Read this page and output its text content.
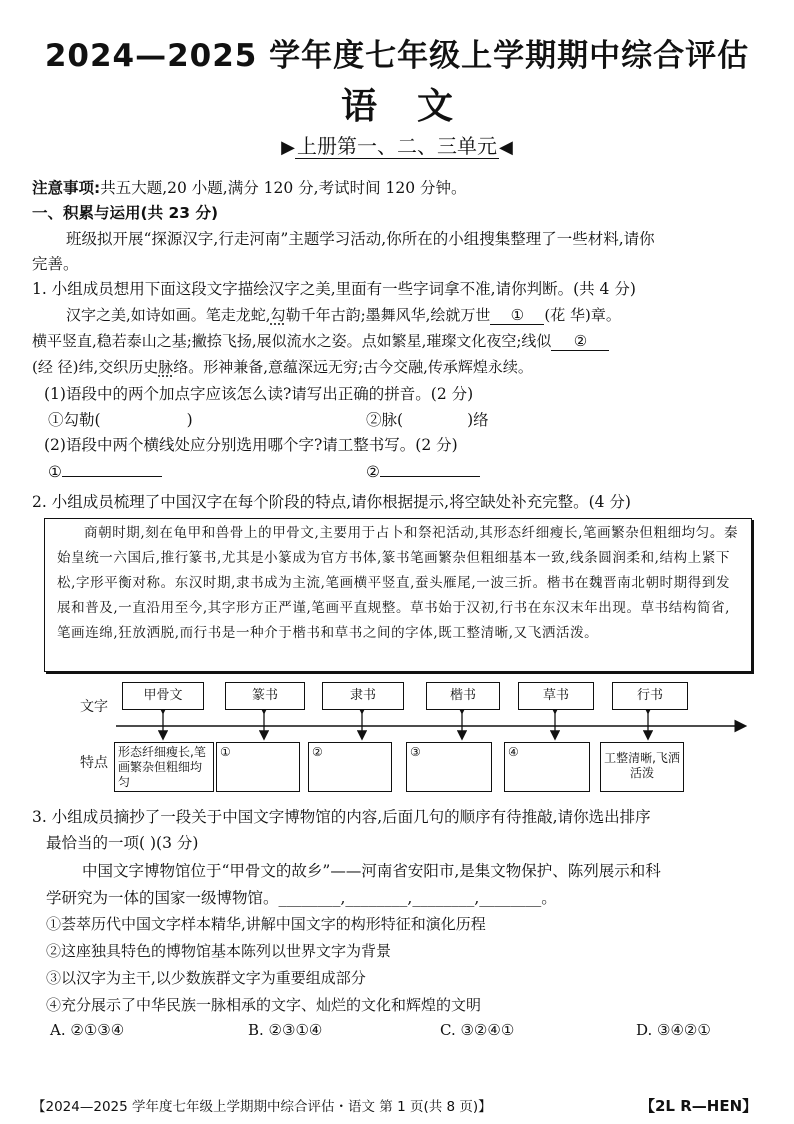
2024—2025 学年度七年级上学期期中综合评估
语文
▶ 上册第一、二、三单元 ◀
注意事项:共五大题,20 小题,满分 120 分,考试时间 120 分钟。
一、积累与运用(共 23 分)
班级拟开展“探源汉字,行走河南”主题学习活动,你所在的小组搜集整理了一些材料,请你
完善。
1. 小组成员想用下面这段文字描绘汉字之美,里面有一些字词拿不准,请你判断。(共 4 分)
汉字之美,如诗如画。笔走龙蛇,勾勒千年古韵;墨舞风华,绘就万世 ① (花 华)章。
横平竖直,稳若泰山之基;撇捺飞扬,展似流水之姿。点如繁星,璀璨文化夜空;线似 ②
(经 径)纬,交织历史脉络。形神兼备,意蕴深远无穷;古今交融,传承辉煌永续。
(1)语段中的两个加点字应该怎么读?请写出正确的拼音。(2 分)
①勾勒(	)	②脉(	)络
(2)语段中两个横线处应分别选用哪个字?请工整书写。(2 分)
①	②
2. 小组成员梳理了中国汉字在每个阶段的特点,请你根据提示,将空缺处补充完整。(4 分)

商朝时期,刻在龟甲和兽骨上的甲骨文,主要用于占卜和祭祀活动,其形态纤细瘦长,笔画繁杂但粗细均匀。秦始皇统一六国后,推行篆书,尤其是小篆成为官方书体,篆书笔画繁杂但粗细基本一致,线条圆润柔和,结构上紧下松,字形平衡对称。东汉时期,隶书成为主流,笔画横平竖直,蚕头雁尾,一波三折。楷书在魏晋南北朝时期得到发展和普及,一直沿用至今,其字形方正严谨,笔画平直规整。草书始于汉初,行书在东汉末年出现。草书结构简省,笔画连绵,狂放洒脱,而行书是一种介于楷书和草书之间的字体,既工整清晰,又飞洒活泼。

文字
特点
甲骨文	篆书	隶书	楷书	草书	行书
形态纤细瘦长,笔画繁杂但粗细均匀
①	②	③	④	工整清晰,飞洒活泼
3. 小组成员摘抄了一段关于中国文字博物馆的内容,后面几句的顺序有待推敲,请你选出排序
最恰当的一项( )(3 分)
中国文字博物馆位于“甲骨文的故乡”——河南省安阳市,是集文物保护、陈列展示和科
学研究为一体的国家一级博物馆。________,________,________,________。
①荟萃历代中国文字样本精华,讲解中国文字的构形特征和演化历程
②这座独具特色的博物馆基本陈列以世界文字为背景
③以汉字为主干,以少数族群文字为重要组成部分
④充分展示了中华民族一脉相承的文字、灿烂的文化和辉煌的文明
A. ②①③④	B. ②③①④	C. ③②④①	D. ③④②①
【2024—2025 学年度七年级上学期期中综合评估・语文 第 1 页(共 8 页)】	【2L R—HEN】
